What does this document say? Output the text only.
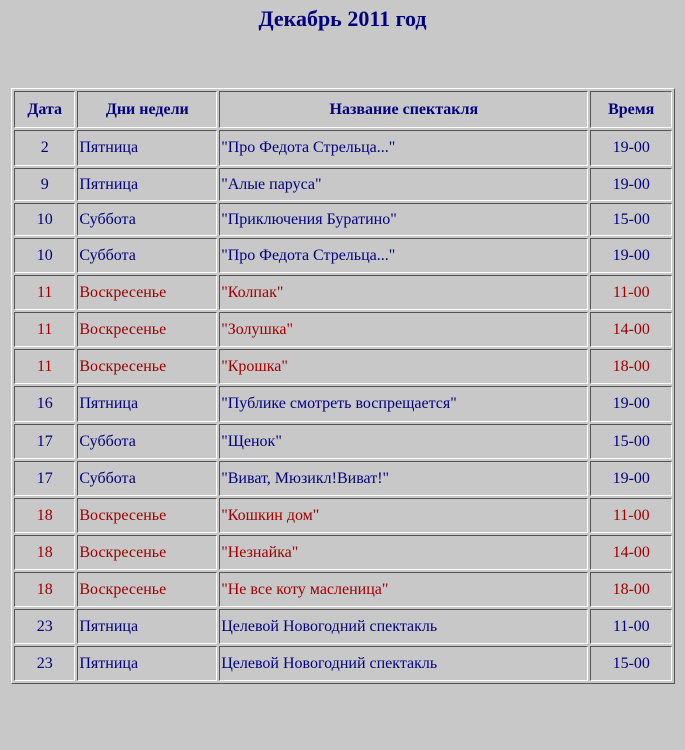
Декабрь 2011 год
Дата	Дни недели	Название спектакля	Время
2	Пятница	"Про Федота Стрельца..."	19-00
9	Пятница	"Алые паруса"	19-00
10	Суббота	"Приключения Буратино"	15-00
10	Суббота	"Про Федота Стрельца..."	19-00
11	Воскресенье	"Колпак"	11-00
11	Воскресенье	"Золушка"	14-00
11	Воскресенье	"Крошка"	18-00
16	Пятница	"Публике смотреть воспрещается"	19-00
17	Суббота	"Щенок"	15-00
17	Суббота	"Виват, Мюзикл!Виват!"	19-00
18	Воскресенье	"Кошкин дом"	11-00
18	Воскресенье	"Незнайка"	14-00
18	Воскресенье	"Не все коту масленица"	18-00
23	Пятница	Целевой Новогодний спектакль	11-00
23	Пятница	Целевой Новогодний спектакль	15-00
